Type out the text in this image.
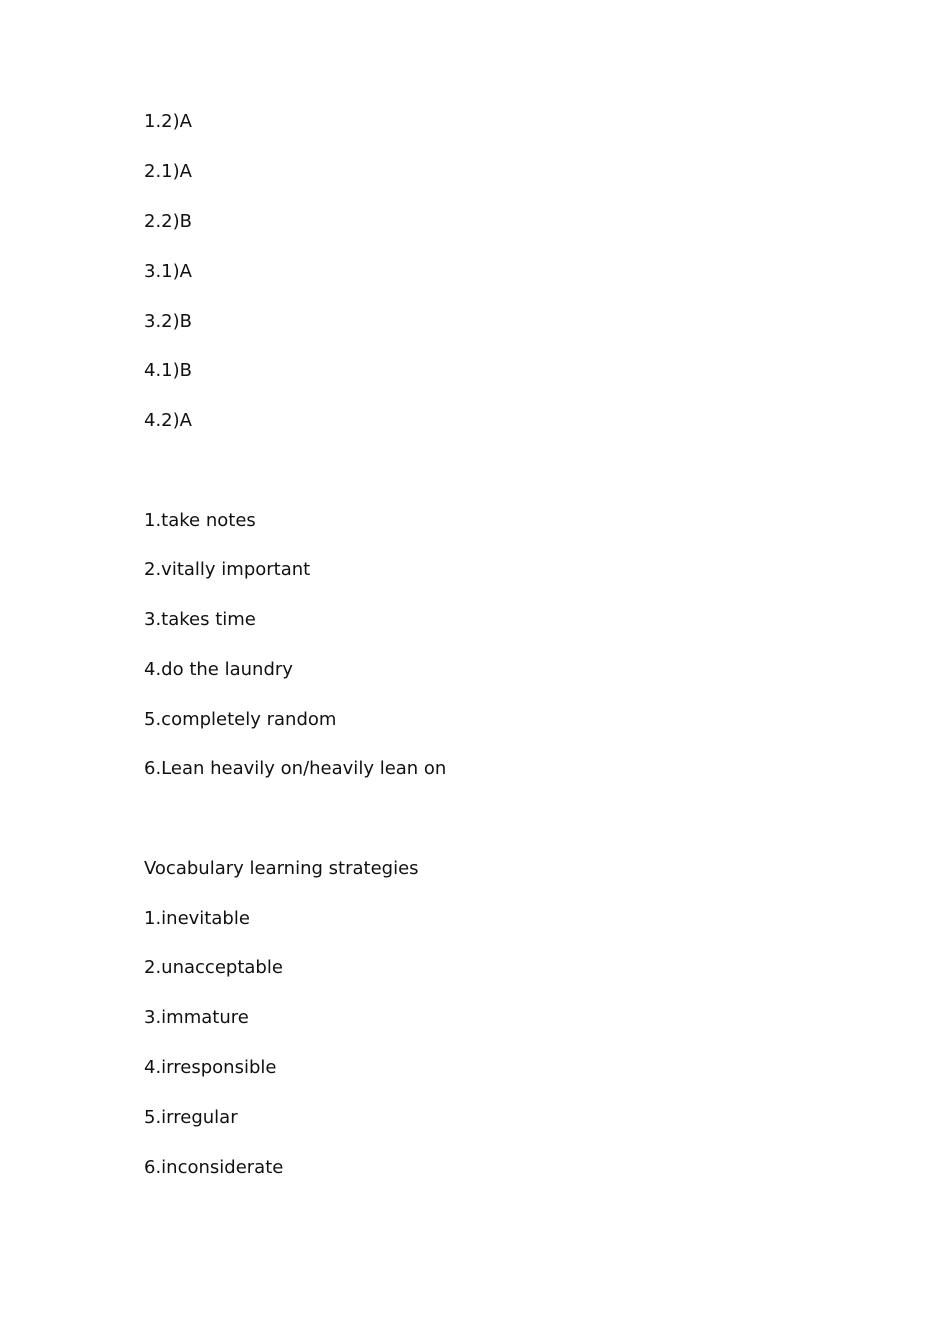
1.2)A
2.1)A
2.2)B
3.1)A
3.2)B
4.1)B
4.2)A
1.take notes
2.vitally important
3.takes time
4.do the laundry
5.completely random
6.Lean heavily on/heavily lean on
Vocabulary learning strategies
1.inevitable
2.unacceptable
3.immature
4.irresponsible
5.irregular
6.inconsiderate
